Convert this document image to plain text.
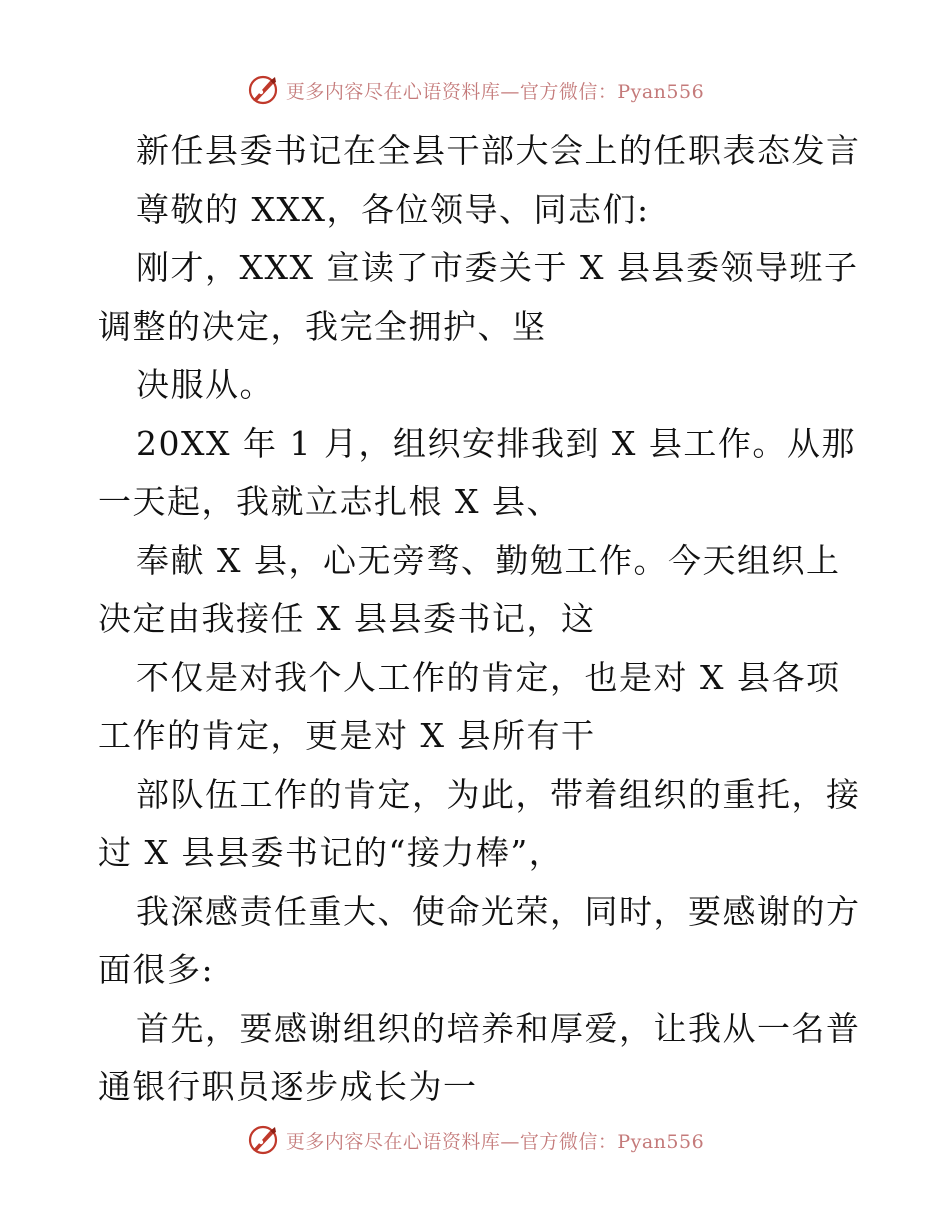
更多内容尽在心语资料库—官方微信：Pyan556
新任县委书记在全县干部大会上的任职表态发言
尊敬的 XXX，各位领导、同志们:
刚才，XXX 宣读了市委关于 X 县县委领导班子
调整的决定，我完全拥护、坚
决服从。
20XX 年 1 月，组织安排我到 X 县工作。从那
一天起，我就立志扎根 X 县、
奉献 X 县，心无旁骛、勤勉工作。今天组织上
决定由我接任 X 县县委书记，这
不仅是对我个人工作的肯定，也是对 X 县各项
工作的肯定，更是对 X 县所有干
部队伍工作的肯定，为此，带着组织的重托，接
过 X 县县委书记的“接力棒”，
我深感责任重大、使命光荣，同时，要感谢的方
面很多:
首先，要感谢组织的培养和厚爱，让我从一名普
通银行职员逐步成长为一
更多内容尽在心语资料库—官方微信：Pyan556
